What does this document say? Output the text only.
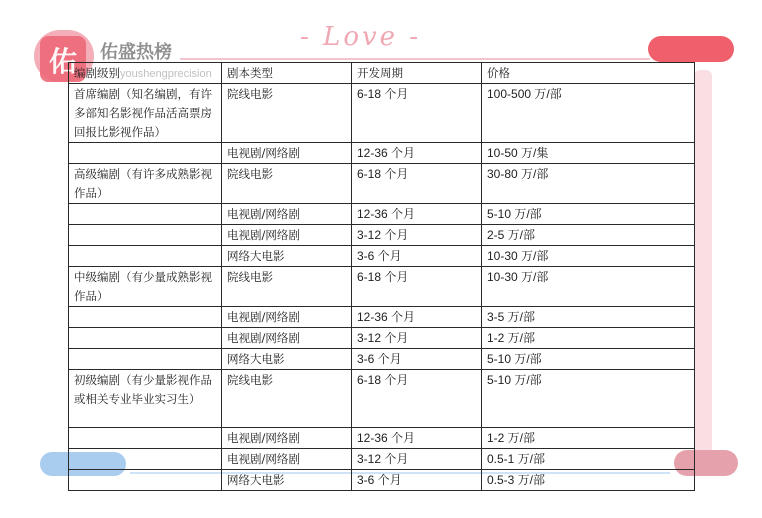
- Love -
佑	佑盛热榜
youshengprecision
编剧级别	剧本类型	开发周期	价格
首席编剧（知名编剧，有许多部知名影视作品活高票房回报比影视作品）	院线电影	6-18 个月	100-500 万/部
	电视剧/网络剧	12-36 个月	10-50 万/集
高级编剧（有许多成熟影视作品）	院线电影	6-18 个月	30-80 万/部
	电视剧/网络剧	12-36 个月	5-10 万/部
	电视剧/网络剧	3-12 个月	2-5 万/部
	网络大电影	3-6 个月	10-30 万/部
中级编剧（有少量成熟影视作品）	院线电影	6-18 个月	10-30 万/部
	电视剧/网络剧	12-36 个月	3-5 万/部
	电视剧/网络剧	3-12 个月	1-2 万/部
	网络大电影	3-6 个月	5-10 万/部
初级编剧（有少量影视作品或相关专业毕业实习生）	院线电影	6-18 个月	5-10 万/部
	电视剧/网络剧	12-36 个月	1-2 万/部
	电视剧/网络剧	3-12 个月	0.5-1 万/部
	网络大电影	3-6 个月	0.5-3 万/部
